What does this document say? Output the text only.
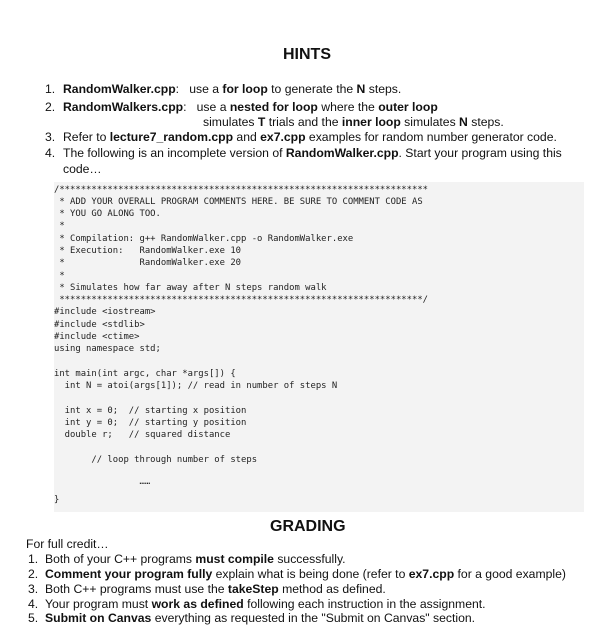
HINTS
1. RandomWalker.cpp:   use a for loop to generate the N steps.
2. RandomWalkers.cpp:   use a nested for loop where the outer loop
simulates T trials and the inner loop simulates N steps.
3. Refer to lecture7_random.cpp and ex7.cpp examples for random number generator code.
4. The following is an incomplete version of RandomWalker.cpp. Start your program using this
code…
/*********************************************************************
* ADD YOUR OVERALL PROGRAM COMMENTS HERE. BE SURE TO COMMENT CODE AS
* YOU GO ALONG TOO.
*
* Compilation: g++ RandomWalker.cpp -o RandomWalker.exe
* Execution:   RandomWalker.exe 10
*              RandomWalker.exe 20
*
* Simulates how far away after N steps random walk
********************************************************************/
#include <iostream>
#include <stdlib>
#include <ctime>
using namespace std;
int main(int argc, char *args[]) {
int N = atoi(args[1]); // read in number of steps N
int x = 0;  // starting x position
int y = 0;  // starting y position
double r;   // squared distance
// loop through number of steps
……
}
GRADING
For full credit…
1. Both of your C++ programs must compile successfully.
2. Comment your program fully explain what is being done (refer to ex7.cpp for a good example)
3. Both C++ programs must use the takeStep method as defined.
4. Your program must work as defined following each instruction in the assignment.
5. Submit on Canvas everything as requested in the "Submit on Canvas" section.
